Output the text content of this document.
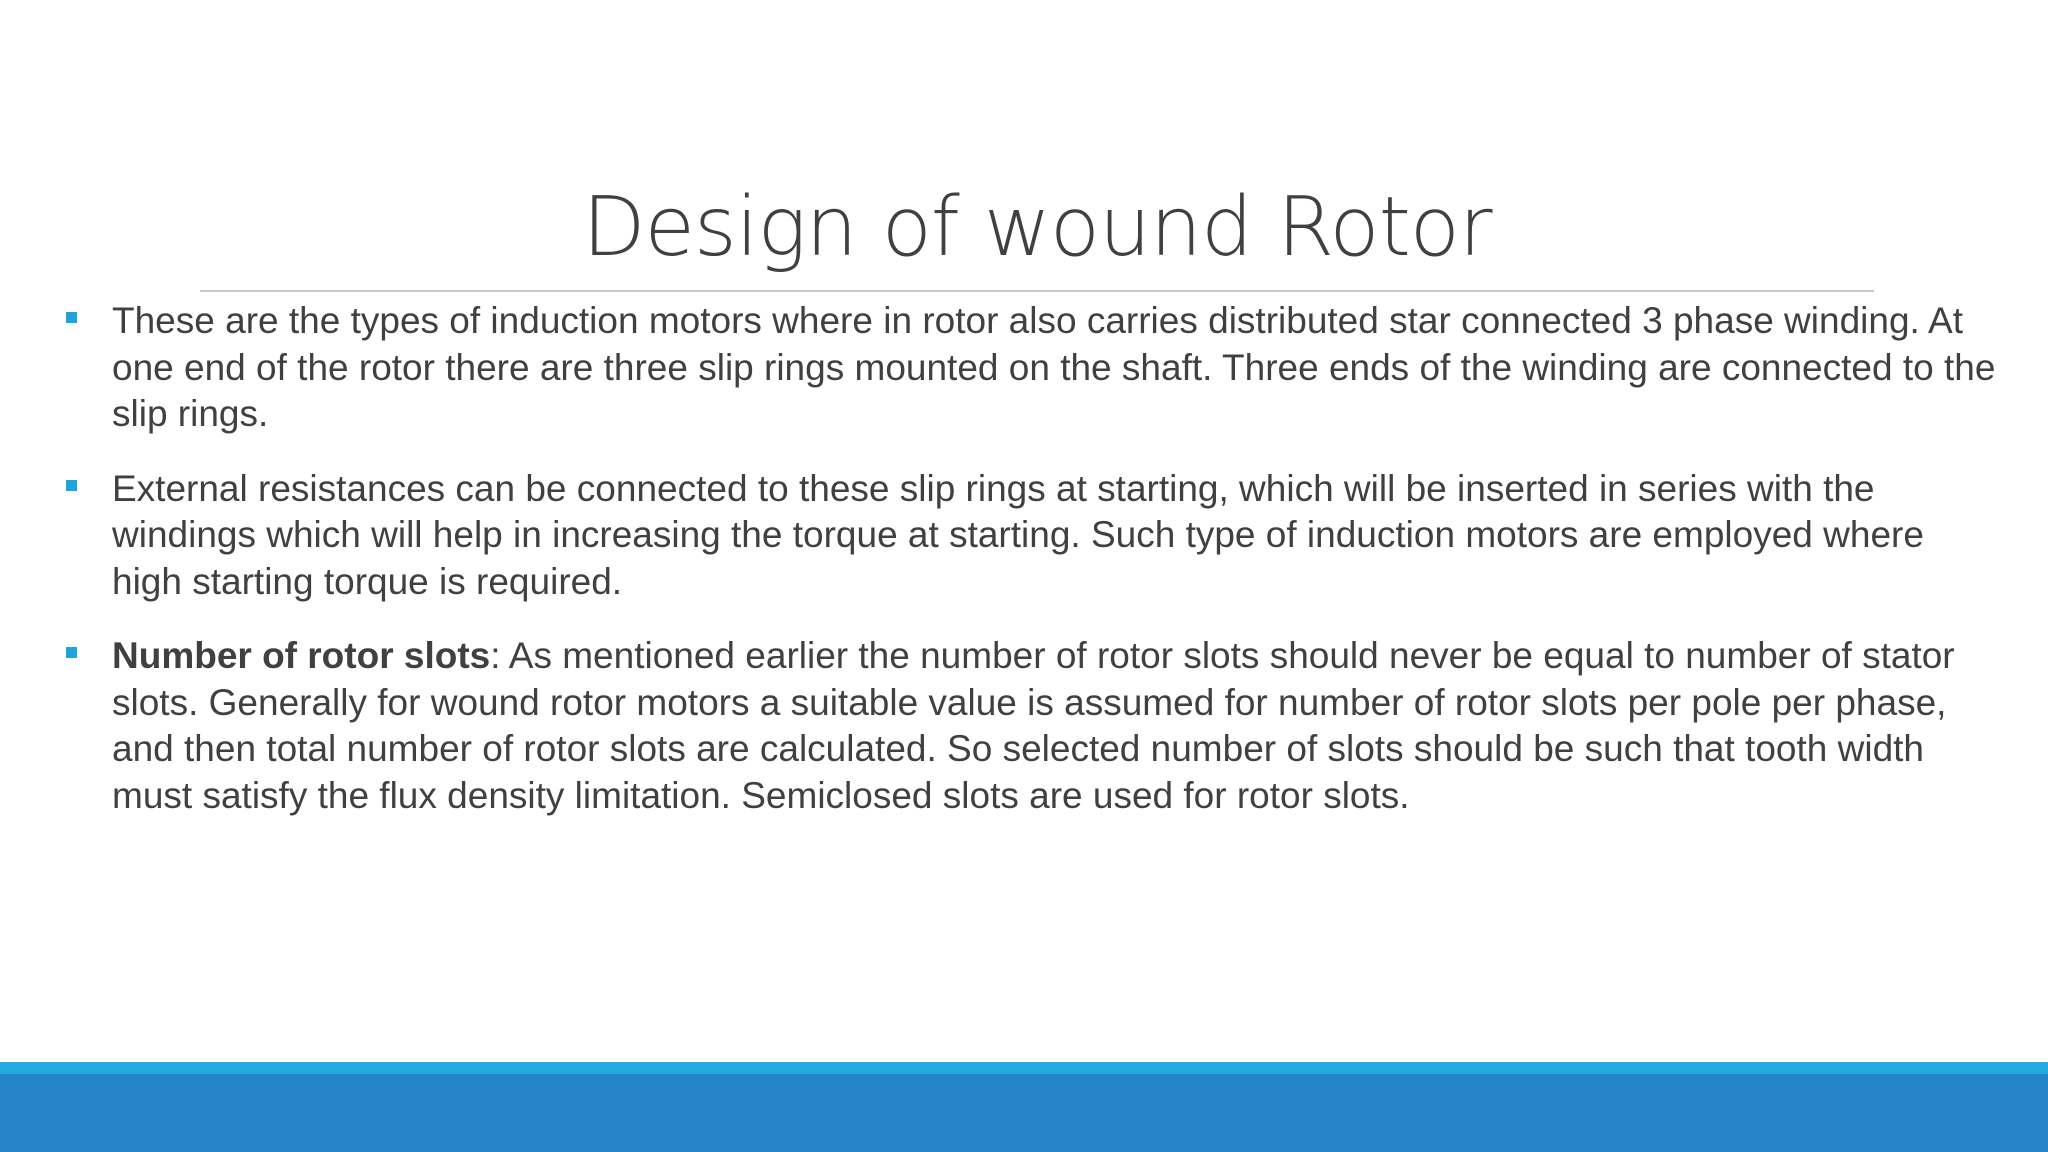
Design of wound Rotor
These are the types of induction motors where in rotor also carries distributed star connected 3 phase winding. At one end of the rotor there are three slip rings mounted on the shaft. Three ends of the winding are connected to the slip rings.
External resistances can be connected to these slip rings at starting, which will be inserted in series with the windings which will help in increasing the torque at starting. Such type of induction motors are employed where high starting torque is required.
Number of rotor slots: As mentioned earlier the number of rotor slots should never be equal to number of stator slots. Generally for wound rotor motors a suitable value is assumed for number of rotor slots per pole per phase, and then total number of rotor slots are calculated. So selected number of slots should be such that tooth width must satisfy the flux density limitation. Semiclosed slots are used for rotor slots.
